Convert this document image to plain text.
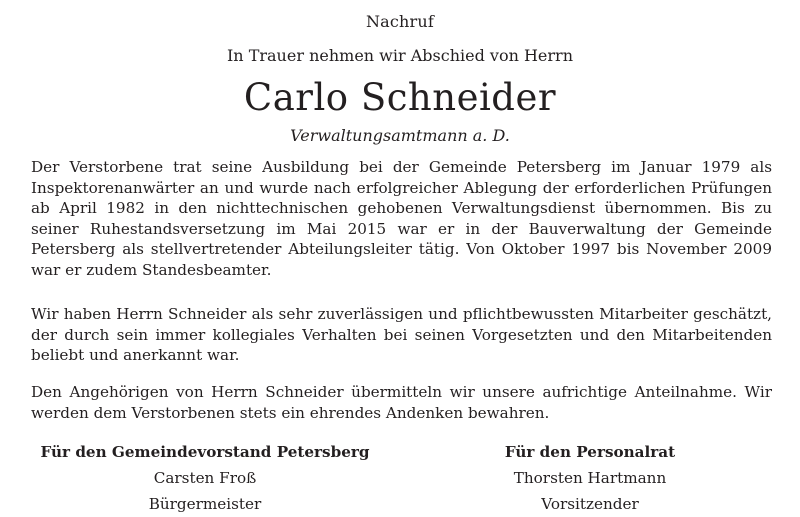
Nachruf
In Trauer nehmen wir Abschied von Herrn
Carlo Schneider
Verwaltungsamtmann a. D.

Der Verstorbene trat seine Ausbildung bei der Gemeinde Petersberg im Januar 1979 als Inspektorenanwärter an und wurde nach erfolgreicher Ablegung der erforderlichen Prüfungen ab April 1982 in den nichttechnischen gehobenen Verwaltungsdienst übernommen. Bis zu seiner Ruhestandsversetzung im Mai 2015 war er in der Bauverwaltung der Gemeinde Petersberg als stellvertretender Abteilungsleiter tätig. Von Oktober 1997 bis November 2009 war er zudem Standesbeamter.

Wir haben Herrn Schneider als sehr zuverlässigen und pflichtbewussten Mitarbeiter geschätzt, der durch sein immer kollegiales Verhalten bei seinen Vorgesetzten und den Mitarbeitenden beliebt und anerkannt war.

Den Angehörigen von Herrn Schneider übermitteln wir unsere aufrichtige Anteilnahme. Wir werden dem Verstorbenen stets ein ehrendes Andenken bewahren.

Für den Gemeindevorstand Petersberg
Carsten Froß
Bürgermeister
Für den Personalrat
Thorsten Hartmann
Vorsitzender
